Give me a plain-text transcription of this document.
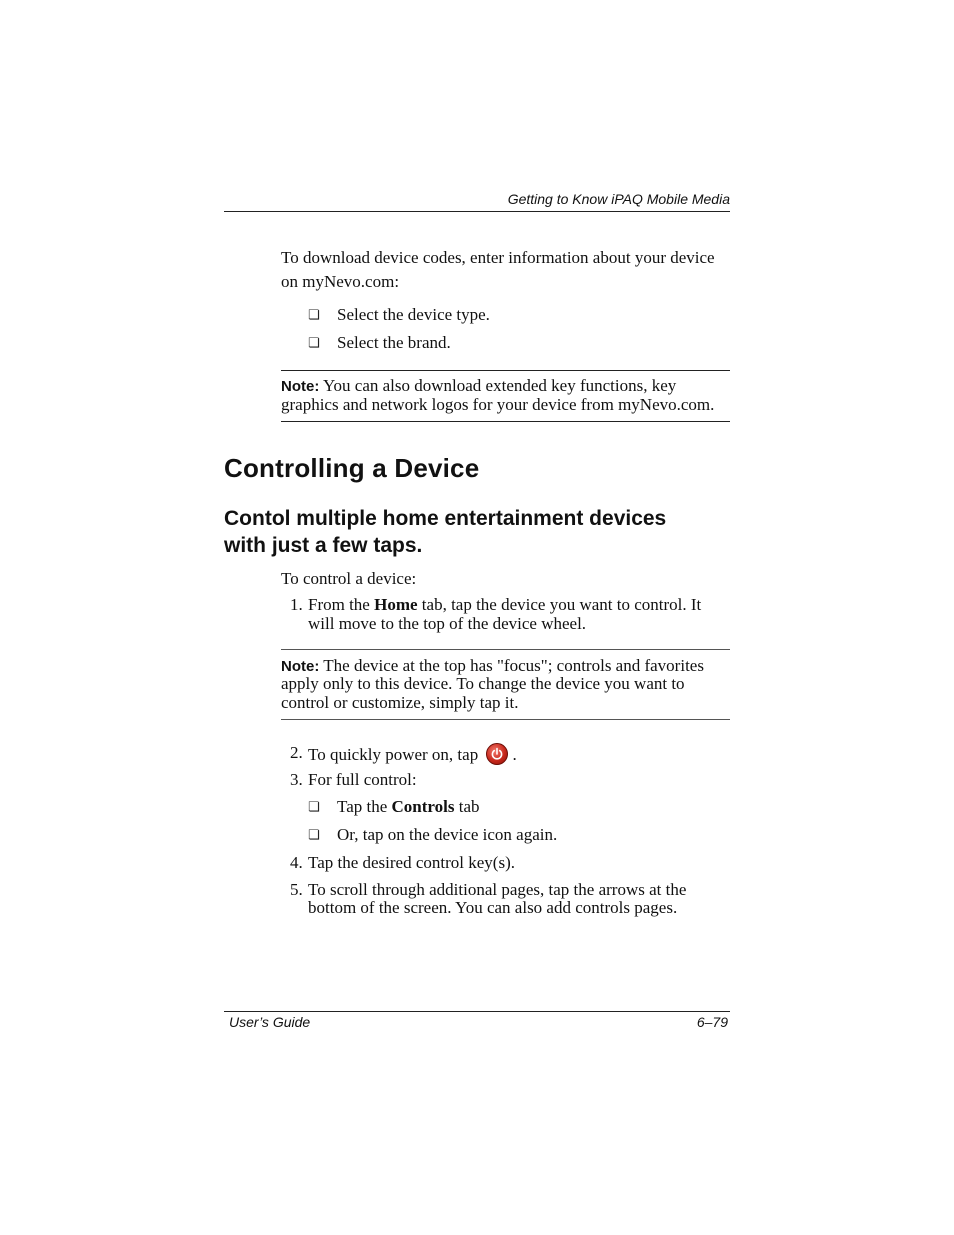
Getting to Know iPAQ Mobile Media
To download device codes, enter information about your device
on myNevo.com:
❏ Select the device type.
❏ Select the brand.
Note: You can also download extended key functions, key
graphics and network logos for your device from myNevo.com.
Controlling a Device
Contol multiple home entertainment devices
with just a few taps.
To control a device:
1. From the Home tab, tap the device you want to control. It
will move to the top of the device wheel.
Note: The device at the top has "focus"; controls and favorites
apply only to this device. To change the device you want to
control or customize, simply tap it.
2. To quickly power on, tap .
3. For full control:
❏ Tap the Controls tab
❏ Or, tap on the device icon again.
4. Tap the desired control key(s).
5. To scroll through additional pages, tap the arrows at the
bottom of the screen. You can also add controls pages.
User’s Guide	6–79
